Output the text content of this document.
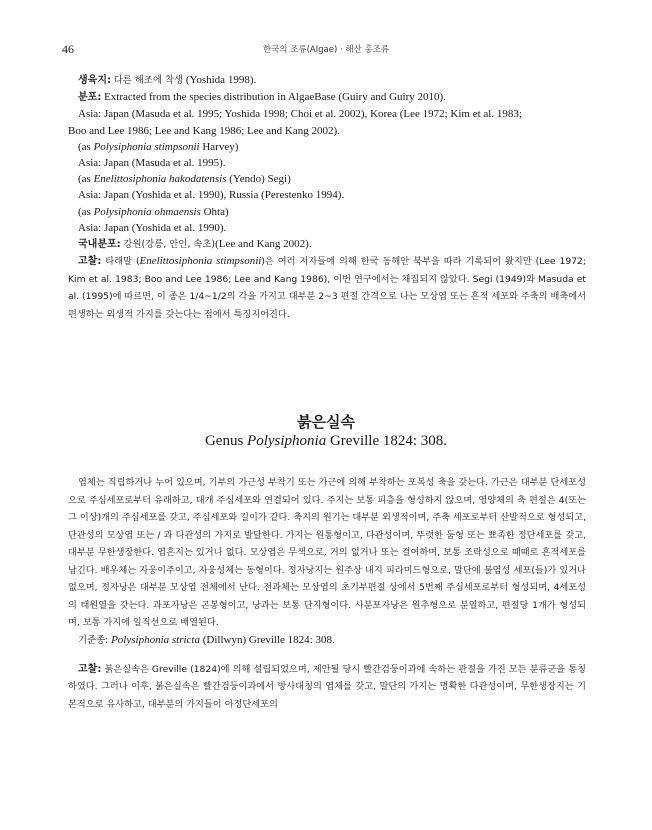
46	한국의 조류(Algae) · 해산 홍조류

생육지: 다른 해조에 착생 (Yoshida 1998).

분포: Extracted from the species distribution in AlgaeBase (Guiry and Guiry 2010).

Asia: Japan (Masuda et al. 1995; Yoshida 1998; Choi et al. 2002), Korea (Lee 1972; Kim et al. 1983;

Boo and Lee 1986; Lee and Kang 1986; Lee and Kang 2002).

(as Polysiphonia stimpsonii Harvey)

Asia: Japan (Masuda et al. 1995).

(as Enelittosiphonia hakodatensis (Yendo) Segi)

Asia: Japan (Yoshida et al. 1990), Russia (Perestenko 1994).

(as Polysiphonia ohmaensis Ohta)

Asia: Japan (Yoshida et al. 1990).

국내분포: 강원(강릉, 안인, 속초)(Lee and Kang 2002).

고찰: 타래말 (Enelittosiphonia stimpsonii)은 여러 저자들에 의해 한국 동해안 북부을 따라 기록되어 왔지만 (Lee 1972; Kim et al. 1983; Boo and Lee 1986; Lee and Kang 1986), 이번 연구에서는 채집되지 않았다. Segi (1949)와 Masuda et al. (1995)에 따르면, 이 종은 1/4~1/2의 각을 가지고 대부분 2~3 편절 간격으로 나는 모상엽 또는 흔적 세포와 주축의 배축에서 편생하는 외생적 가지를 갖는다는 점에서 특징지어진다.

붉은실속
Genus Polysiphonia Greville 1824: 308.

엽체는 직립하거나 누어 있으며, 기부의 가근성 부착기 또는 가근에 의해 부착하는 포복성 축을 갖는다. 가근은 대부분 단세포성으로 주심세포로부터 유래하고, 대개 주심세포와 연결되어 있다. 주지는 보통 피층을 형성하지 않으며, 영양체의 축 편절은 4(또는 그 이상)개의 주심세포를 갖고, 주심세포와 길이가 같다. 축지의 원기는 대부분 외생적이며, 주축 세포로부터 산발적으로 형성되고, 단관성의 모상엽 또는 / 과 다관성의 가지로 발달한다. 가지는 원통형이고, 다관성이며, 뚜렷한 둠형 또는 뾰족한 정단세포를 갖고, 대부분 무한생장한다. 엽흔지는 있거나 없다. 모상엽은 무색으로, 거의 없거나 또는 결여하며, 보통 조락성으로 때때로 흔적세포를 남긴다. 배우체는 자웅이주이고, 자웅성체는 동형이다. 정자낭지는 원주상 내지 피라미드형으로, 말단에 불염성 세포(들)가 있거나 없으며, 정자낭은 대부분 모상엽 전체에서 난다. 전과체는 모상엽의 초기부편절 상에서 5번째 주심세포로부터 형성되며, 4세포성의 태원열을 갖는다. 과포자낭은 곤봉형이고, 낭과는 보통 단지형이다. 사분포자낭은 원추형으로 분열하고, 편절당 1개가 형성되며, 보통 가지에 일직선으로 배열된다.

기준종: Polysiphonia stricta (Dillwyn) Greville 1824: 308.

고찰: 붉은실속은 Greville (1824)에 의해 설립되었으며, 제안될 당시 빨간검둥이과에 속하는 관절을 가진 모든 분류군을 통칭하였다. 그러나 이후, 붉은실속은 빨간검둥이과에서 방사대칭의 엽체를 갖고, 말단의 가지는 명확한 다관성이며, 무한생장지는 기본적으로 유사하고, 대부분의 가지들이 아정단세포의
